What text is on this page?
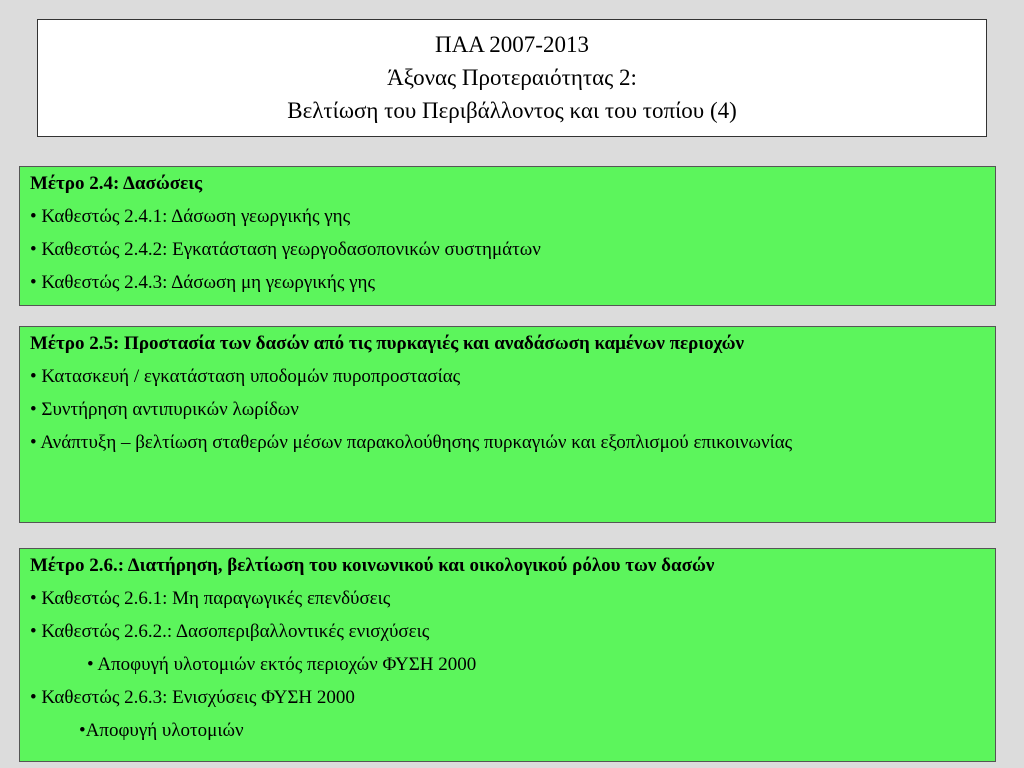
ΠΑΑ 2007-2013
Άξονας Προτεραιότητας 2:
Βελτίωση του Περιβάλλοντος και του τοπίου (4)
Μέτρο 2.4: Δασώσεις
• Καθεστώς 2.4.1: Δάσωση γεωργικής γης
• Καθεστώς 2.4.2: Εγκατάσταση γεωργοδασοπονικών συστημάτων
• Καθεστώς 2.4.3: Δάσωση μη γεωργικής γης
Μέτρο 2.5: Προστασία των δασών από τις πυρκαγιές και αναδάσωση καμένων περιοχών
• Κατασκευή / εγκατάσταση υποδομών πυροπροστασίας
• Συντήρηση αντιπυρικών λωρίδων
• Ανάπτυξη – βελτίωση σταθερών μέσων παρακολούθησης πυρκαγιών και εξοπλισμού επικοινωνίας
Μέτρο 2.6.: Διατήρηση, βελτίωση του κοινωνικού και οικολογικού ρόλου των δασών
• Καθεστώς 2.6.1: Μη παραγωγικές επενδύσεις
• Καθεστώς 2.6.2.: Δασοπεριβαλλοντικές ενισχύσεις
• Αποφυγή υλοτομιών εκτός περιοχών ΦΥΣΗ 2000
• Καθεστώς 2.6.3: Ενισχύσεις ΦΥΣΗ 2000
•Αποφυγή υλοτομιών
